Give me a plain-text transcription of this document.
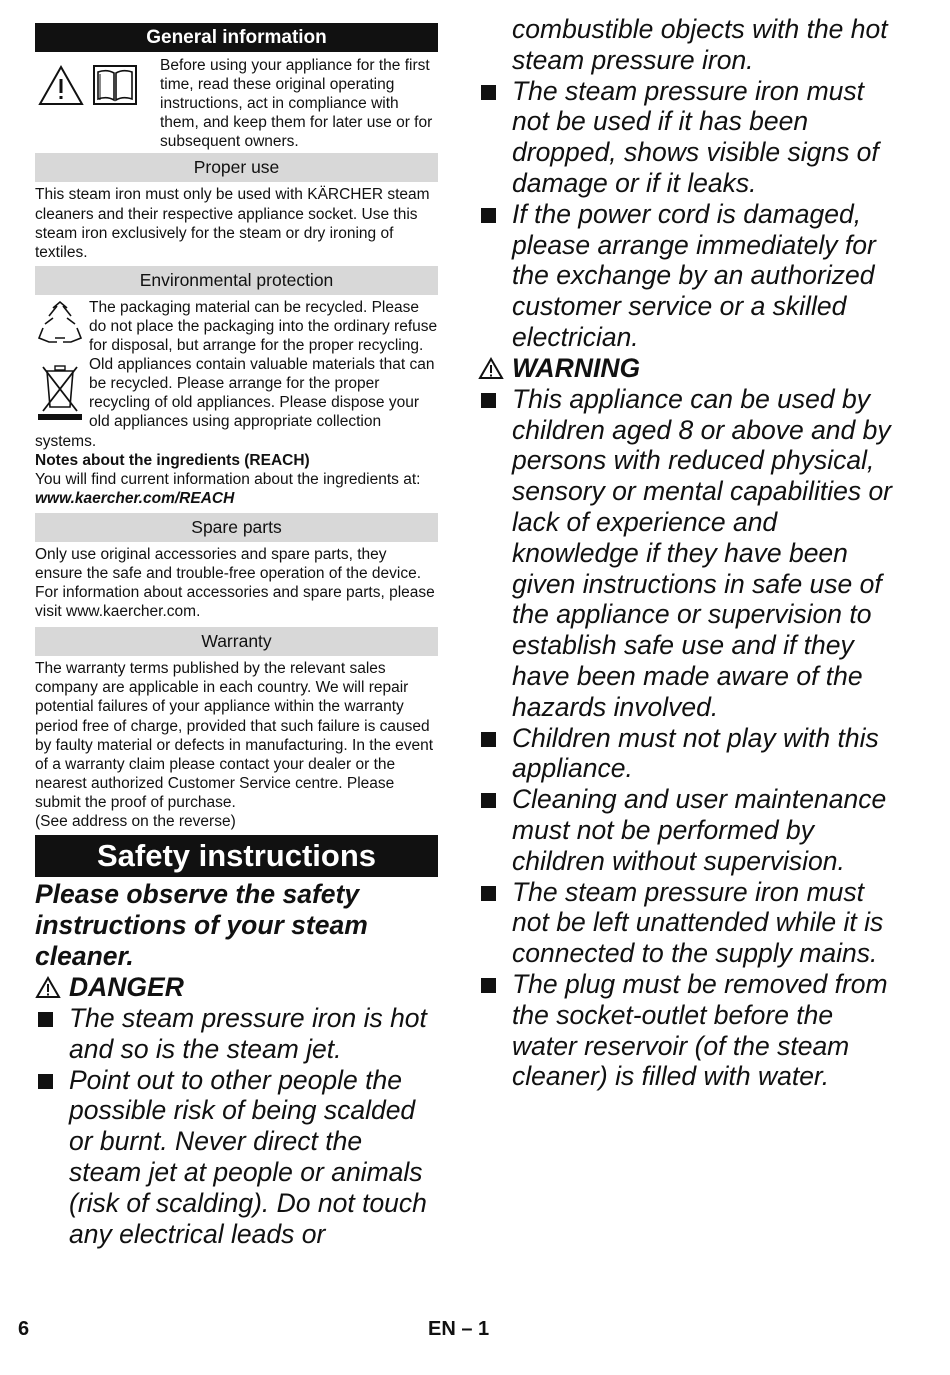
General information
Before using your appliance for the first time, read these original operating instructions, act in compliance with them, and keep them for later use or for subsequent owners.
Proper use
This steam iron must only be used with KÄRCHER steam cleaners and their respective appliance socket. Use this steam iron exclusively for the steam or dry ironing of textiles.
Environmental protection
The packaging material can be recycled. Please do not place the packaging into the ordinary refuse for disposal, but arrange for the proper recycling.
Old appliances contain valuable materials that can be recycled. Please arrange for the proper recycling of old appliances. Please dispose your old appliances using appropriate collection systems.
Notes about the ingredients (REACH)
You will find current information about the ingredients at:
www.kaercher.com/REACH
Spare parts
Only use original accessories and spare parts, they ensure the safe and trouble-free operation of the device. For information about accessories and spare parts, please visit www.kaercher.com.
Warranty
The warranty terms published by the relevant sales company are applicable in each country. We will repair potential failures of your appliance within the warranty period free of charge, provided that such failure is caused by faulty material or defects in manufacturing. In the event of a warranty claim please contact your dealer or the nearest authorized Customer Service centre. Please submit the proof of purchase.
(See address on the reverse)
Safety instructions
Please observe the safety instructions of your steam cleaner.
DANGER
The steam pressure iron is hot and so is the steam jet.
Point out to other people the possible risk of being scalded or burnt. Never direct the steam jet at people or animals (risk of scalding). Do not touch any electrical leads or
combustible objects with the hot steam pressure iron.
The steam pressure iron must not be used if it has been dropped, shows visible signs of damage or if it leaks.
If the power cord is damaged, please arrange immediately for the exchange by an authorized customer service or a skilled electrician.
WARNING
This appliance can be used by children aged 8 or above and by persons with reduced physical, sensory or mental capabilities or lack of experience and knowledge if they have been given instructions in safe use of the appliance or supervision to establish safe use and if they have been made aware of the hazards involved.
Children must not play with this appliance.
Cleaning and user maintenance must not be performed by children without supervision.
The steam pressure iron must not be left unattended while it is connected to the supply mains.
The plug must be removed from the socket-outlet before the water reservoir (of the steam cleaner) is filled with water.
6	EN – 1
